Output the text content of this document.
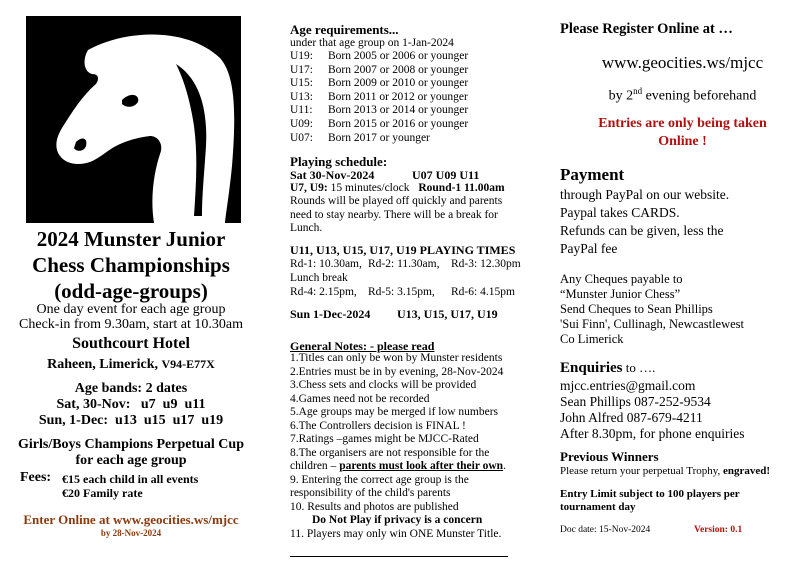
2024 Munster Junior
Chess Championships
(odd-age-groups)
One day event for each age group
Check-in from 9.30am, start at 10.30am
Southcourt Hotel
Raheen, Limerick, V94-E77X
Age bands: 2 dates
Sat, 30-Nov:   u7  u9  u11
Sun, 1-Dec:  u13  u15  u17  u19
Girls/Boys Champions Perpetual Cup
for each age group
Fees: €15 each child in all events
€20 Family rate
Enter Online at www.geocities.ws/mjcc
by 28-Nov-2024
Age requirements...
under that age group on 1-Jan-2024
U19:	Born 2005 or 2006 or younger
U17:	Born 2007 or 2008 or younger
U15:	Born 2009 or 2010 or younger
U13:	Born 2011 or 2012 or younger
U11:	Born 2013 or 2014 or younger
U09:	Born 2015 or 2016 or younger
U07:	Born 2017 or younger
Playing schedule:
Sat 30-Nov-2024	U07 U09 U11
U7, U9: 15 minutes/clock Round-1 11.00am
Rounds will be played off quickly and parents need to stay nearby. There will be a break for Lunch.
U11, U13, U15, U17, U19 PLAYING TIMES
Rd-1: 10.30am, Rd-2: 11.30am,	Rd-3: 12.30pm
Lunch break
Rd-4: 2.15pm, Rd-5: 3.15pm,	Rd-6: 4.15pm
Sun 1-Dec-2024	U13, U15, U17, U19
General Notes: - please read
1.Titles can only be won by Munster residents
2.Entries must be in by evening, 28-Nov-2024
3.Chess sets and clocks will be provided
4.Games need not be recorded
5.Age groups may be merged if low numbers
6.The Controllers decision is FINAL !
7.Ratings –games might be MJCC-Rated
8.The organisers are not responsible for the
children – parents must look after their own.
9. Entering the correct age group is the
responsibility of the child's parents
10. Results and photos are published
Do Not Play if privacy is a concern
11. Players may only win ONE Munster Title.
Please Register Online at …
www.geocities.ws/mjcc
by 2nd evening beforehand
Entries are only being taken
Online !
Payment
through PayPal on our website.
Paypal takes CARDS.
Refunds can be given, less the
PayPal fee
Any Cheques payable to
“Munster Junior Chess”
Send Cheques to Sean Phillips
'Sui Finn', Cullinagh, Newcastlewest
Co Limerick
Enquiries to ….
mjcc.entries@gmail.com
Sean Phillips 087-252-9534
John Alfred 087-679-4211
After 8.30pm, for phone enquiries
Previous Winners
Please return your perpetual Trophy, engraved!
Entry Limit subject to 100 players per
tournament day
Doc date: 15-Nov-2024	Version: 0.1
